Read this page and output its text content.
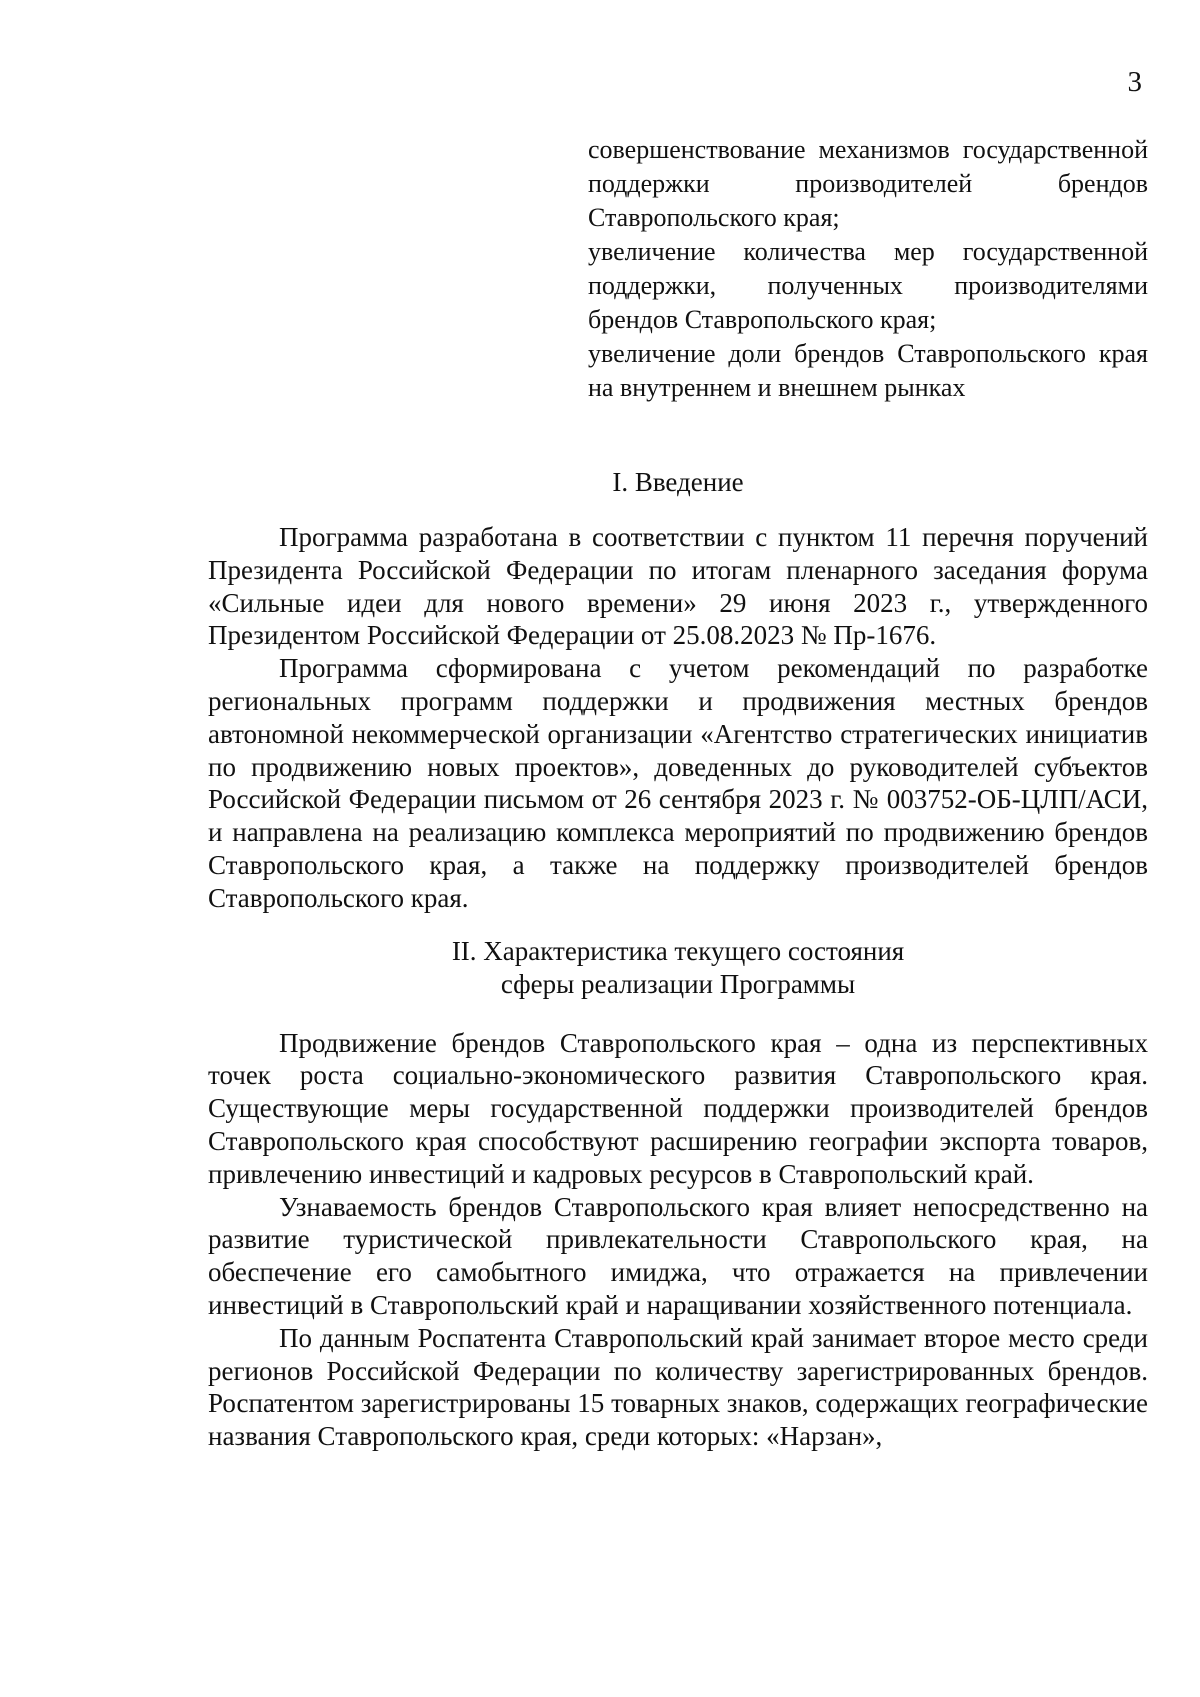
3

совершенствование механизмов государственной поддержки производителей брендов Ставропольского края;

увеличение количества мер государственной поддержки, полученных производителями брендов Ставропольского края;

увеличение доли брендов Ставропольского края на внутреннем и внешнем рынках

I. Введение

Программа разработана в соответствии с пунктом 11 перечня поручений Президента Российской Федерации по итогам пленарного заседания форума «Сильные идеи для нового времени» 29 июня 2023 г., утвержденного Президентом Российской Федерации от 25.08.2023 № Пр-1676.

Программа сформирована с учетом рекомендаций по разработке региональных программ поддержки и продвижения местных брендов автономной некоммерческой организации «Агентство стратегических инициатив по продвижению новых проектов», доведенных до руководителей субъектов Российской Федерации письмом от 26 сентября 2023 г. № 003752-ОБ-ЦЛП/АСИ, и направлена на реализацию комплекса мероприятий по продвижению брендов Ставропольского края, а также на поддержку производителей брендов Ставропольского края.

II. Характеристика текущего состояния
сферы реализации Программы

Продвижение брендов Ставропольского края – одна из перспективных точек роста социально-экономического развития Ставропольского края. Существующие меры государственной поддержки производителей брендов Ставропольского края способствуют расширению географии экспорта товаров, привлечению инвестиций и кадровых ресурсов в Ставропольский край.

Узнаваемость брендов Ставропольского края влияет непосредственно на развитие туристической привлекательности Ставропольского края, на обеспечение его самобытного имиджа, что отражается на привлечении инвестиций в Ставропольский край и наращивании хозяйственного потенциала.

По данным Роспатента Ставропольский край занимает второе место среди регионов Российской Федерации по количеству зарегистрированных брендов. Роспатентом зарегистрированы 15 товарных знаков, содержащих географические названия Ставропольского края, среди которых: «Нарзан»,
